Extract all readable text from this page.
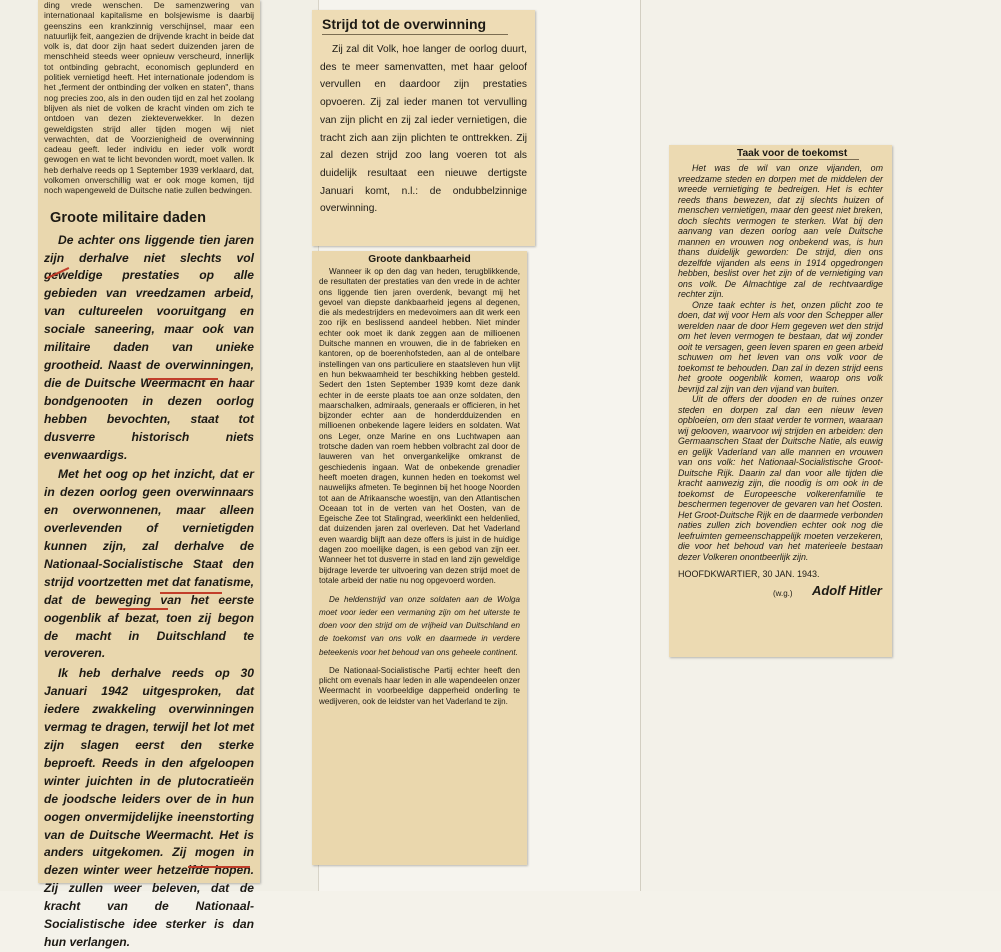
ding vrede wenschen. De samenzwering van internationaal kapitalisme en bolsjewisme is daarbij geenszins een krankzinnig verschijnsel, maar een natuurlijk feit, aangezien de drijvende kracht in beide dat volk is, dat door zijn haat sedert duizenden jaren de menschheid steeds weer opnieuw verscheurd, innerlijk tot ontbinding gebracht, economisch geplunderd en politiek vernietigd heeft. Het internationale jodendom is het „ferment der ontbinding der volken en staten", thans nog precies zoo, als in den ouden tijd en zal het zoolang blijven als niet de volken de kracht vinden om zich te ontdoen van dezen ziekteverwekker. In dezen geweldigsten strijd aller tijden mogen wij niet verwachten, dat de Voorzienigheid de overwinning cadeau geeft. Ieder individu en ieder volk wordt gewogen en wat te licht bevonden wordt, moet vallen. Ik heb derhalve reeds op 1 September 1939 verklaard, dat, volkomen onverschillig wat er ook moge komen, tijd noch wapengeweld de Duitsche natie zullen bedwingen.

Groote militaire daden

De achter ons liggende tien jaren zijn derhalve niet slechts vol geweldige prestaties op alle gebieden van vreedzamen arbeid, van cultureelen vooruitgang en sociale saneering, maar ook van militaire daden van unieke grootheid. Naast de overwinningen, die de Duitsche Weermacht en haar bondgenooten in dezen oorlog hebben bevochten, staat tot dusverre historisch niets evenwaardigs.

Met het oog op het inzicht, dat er in dezen oorlog geen overwinnaars en overwonnenen, maar alleen overlevenden of vernietigden kunnen zijn, zal derhalve de Nationaal-Socialistische Staat den strijd voortzetten met dat fanatisme, dat de beweging van het eerste oogenblik af bezat, toen zij begon de macht in Duitschland te veroveren.

Ik heb derhalve reeds op 30 Januari 1942 uitgesproken, dat iedere zwakkeling overwinningen vermag te dragen, terwijl het lot met zijn slagen eerst den sterke beproeft. Reeds in den afgeloopen winter juichten in de plutocratieën de joodsche leiders over de in hun oogen onvermijdelijke ineenstorting van de Duitsche Weermacht. Het is anders uitgekomen. Zij mogen in dezen winter weer hetzelfde hopen. Zij zullen weer beleven, dat de kracht van de Nationaal-Socialistische idee sterker is dan hun verlangen.

Strijd tot de overwinning

Zij zal dit Volk, hoe langer de oorlog duurt, des te meer samenvatten, met haar geloof vervullen en daardoor zijn prestaties opvoeren. Zij zal ieder manen tot vervulling van zijn plicht en zij zal ieder vernietigen, die tracht zich aan zijn plichten te onttrekken. Zij zal dezen strijd zoo lang voeren tot als duidelijk resultaat een nieuwe dertigste Januari komt, n.l.: de ondubbelzinnige overwinning.

Groote dankbaarheid

Wanneer ik op den dag van heden, terugblikkende, de resultaten der prestaties van den vrede in de achter ons liggende tien jaren overdenk, bevangt mij het gevoel van diepste dankbaarheid jegens al degenen, die als medestrijders en medevoimers aan dit werk een zoo rijk en beslissend aandeel hebben. Niet minder echter ook moet ik dank zeggen aan de millioenen Duitsche mannen en vrouwen, die in de fabrieken en kantoren, op de boerenhofsteden, aan al de ontelbare instellingen van ons particuliere en staatsleven hun vlijt en hun bekwaamheid ter beschikking hebben gesteld. Sedert den 1sten September 1939 komt deze dank echter in de eerste plaats toe aan onze soldaten, den maarschalken, admiraals, generaals er officieren, in het bijzonder echter aan de honderdduizenden en millioenen onbekende lagere leiders en soldaten. Wat ons Leger, onze Marine en ons Luchtwapen aan trotsche daden van roem hebben volbracht zal door de lauweren van het onvergankelijke omkranst de geschiedenis ingaan. Wat de onbekende grenadier heeft moeten dragen, kunnen heden en toekomst wel nauwelijks afmeten. Te beginnen bij het hooge Noorden tot aan de Afrikaansche woestijn, van den Atlantischen Oceaan tot in de verten van het Oosten, van de Egeische Zee tot Stalingrad, weerklinkt een heldenlied, dat duizenden jaren zal overleven. Dat het Vaderland even waardig blijft aan deze offers is juist in de huidige dagen zoo moeilijke dagen, is een gebod van zijn eer. Wanneer het tot dusverre in stad en land zijn geweldige bijdrage leverde ter uitvoering van dezen strijd moet de totale arbeid der natie nu nog opgevoerd worden.

De heldenstrijd van onze soldaten aan de Wolga moet voor ieder een vermaning zijn om het uiterste te doen voor den strijd om de vrijheid van Duitschland en de toekomst van ons volk en daarmede in verdere beteekenis voor het behoud van ons geheele continent.

De Nationaal-Socialistische Partij echter heeft den plicht om evenals haar leden in alle wapendeelen onzer Weermacht in voorbeeldige dapperheid onderling te wedijveren, ook de leidster van het Vaderland te zijn.

Taak voor de toekomst

Het was de wil van onze vijanden, om vreedzame steden en dorpen met de middelen der wreede vernietiging te bedreigen. Het is echter reeds thans bewezen, dat zij slechts huizen of menschen vernietigen, maar den geest niet breken, doch slechts vermogen te sterken. Wat bij den aanvang van dezen oorlog aan vele Duitsche mannen en vrouwen nog onbekend was, is hun thans duidelijk geworden: De strijd, dien ons dezelfde vijanden als eens in 1914 opgedrongen hebben, beslist over het zijn of de vernietiging van ons volk. De Almachtige zal de rechtvaardige rechter zijn.

Onze taak echter is het, onzen plicht zoo te doen, dat wij voor Hem als voor den Schepper aller werelden naar de door Hem gegeven wet den strijd om het leven vermogen te bestaan, dat wij zonder ooit te versagen, geen leven sparen en geen arbeid schuwen om het leven van ons volk voor de toekomst te behouden. Dan zal in dezen strijd eens het groote oogenblik komen, waarop ons volk bevrijd zal zijn van den vijand van buiten.

Uit de offers der dooden en de ruines onzer steden en dorpen zal dan een nieuw leven opbloeien, om den staat verder te vormen, waaraan wij gelooven, waarvoor wij strijden en arbeiden: den Germaanschen Staat der Duitsche Natie, als euwig en gelijk Vaderland van alle mannen en vrouwen van ons volk: het Nationaal-Socialistische Groot-Duitsche Rijk. Daarin zal dan voor alle tijden die kracht aanwezig zijn, die noodig is om ook in de toekomst de Europeesche volkerenfamilie te beschermen tegenover de gevaren van het Oosten. Het Groot-Duitsche Rijk en de daarmede verbonden naties zullen zich bovendien echter ook nog die leefruimten gemeenschappelijk moeten verzekeren, die voor het behoud van het materieele bestaan dezer Volkeren onontbeerlijk zijn.

HOOFDKWARTIER, 30 JAN. 1943.

(w.g.) Adolf Hitler
